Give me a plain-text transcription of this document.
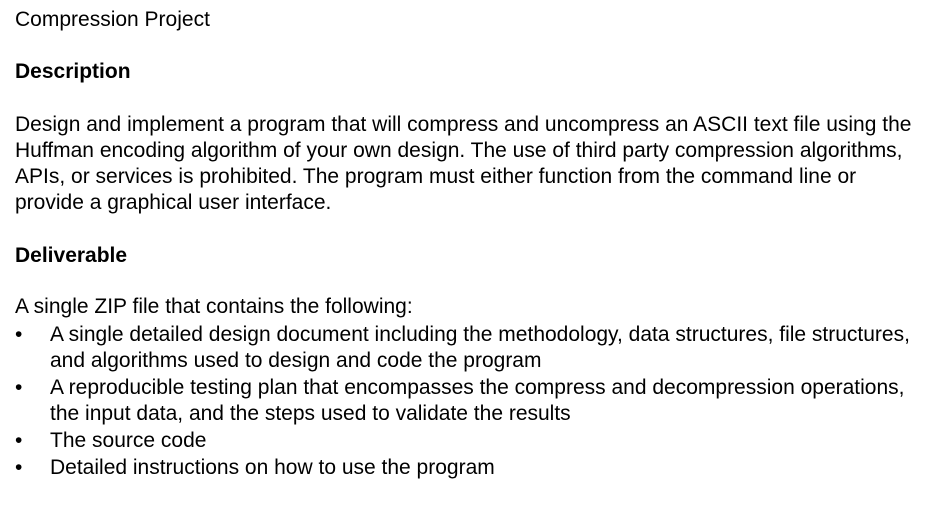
Compression Project
Description

Design and implement a program that will compress and uncompress an ASCII text file using the Huffman encoding algorithm of your own design. The use of third party compression algorithms, APIs, or services is prohibited. The program must either function from the command line or provide a graphical user interface.

Deliverable
A single ZIP file that contains the following:
• A single detailed design document including the methodology, data structures, file structures, and algorithms used to design and code the program
• A reproducible testing plan that encompasses the compress and decompression operations, the input data, and the steps used to validate the results
• The source code
• Detailed instructions on how to use the program
